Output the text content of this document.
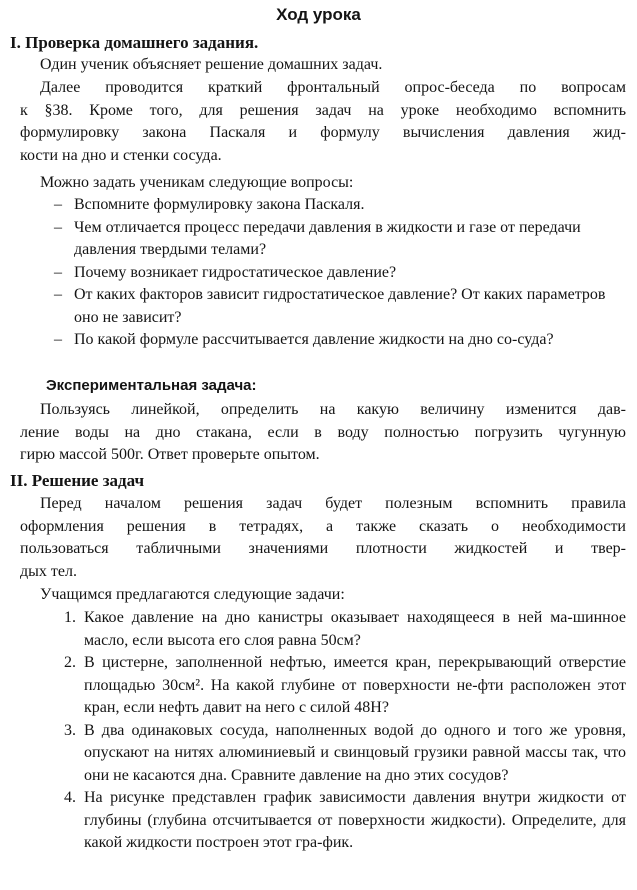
Ход урока
I. Проверка домашнего задания.
Один ученик объясняет решение домашних задач.
Далее проводится краткий фронтальный опрос-беседа по вопросам
к §38. Кроме того, для решения задач на уроке необходимо вспомнить
формулировку закона Паскаля и формулу вычисления давления жид-
кости на дно и стенки сосуда.
Можно задать ученикам следующие вопросы:
– Вспомните формулировку закона Паскаля.
– Чем отличается процесс передачи давления в жидкости и газе от передачи давления твердыми телами?
– Почему возникает гидростатическое давление?
– От каких факторов зависит гидростатическое давление? От каких параметров оно не зависит?
– По какой формуле рассчитывается давление жидкости на дно со-суда?
Экспериментальная задача:
Пользуясь линейкой, определить на какую величину изменится дав-
ление воды на дно стакана, если в воду полностью погрузить чугунную
гирю массой 500г. Ответ проверьте опытом.
II. Решение задач
Перед началом решения задач будет полезным вспомнить правила
оформления решения в тетрадях, а также сказать о необходимости
пользоваться табличными значениями плотности жидкостей и твер-
дых тел.
Учащимся предлагаются следующие задачи:
1. Какое давление на дно канистры оказывает находящееся в ней ма-шинное масло, если высота его слоя равна 50см?
2. В цистерне, заполненной нефтью, имеется кран, перекрывающий отверстие площадью 30см². На какой глубине от поверхности не-фти расположен этот кран, если нефть давит на него с силой 48Н?
3. В два одинаковых сосуда, наполненных водой до одного и того же уровня, опускают на нитях алюминиевый и свинцовый грузики равной массы так, что они не касаются дна. Сравните давление на дно этих сосудов?
4. На рисунке представлен график зависимости давления внутри жидкости от глубины (глубина отсчитывается от поверхности жидкости). Определите, для какой жидкости построен этот гра-фик.
